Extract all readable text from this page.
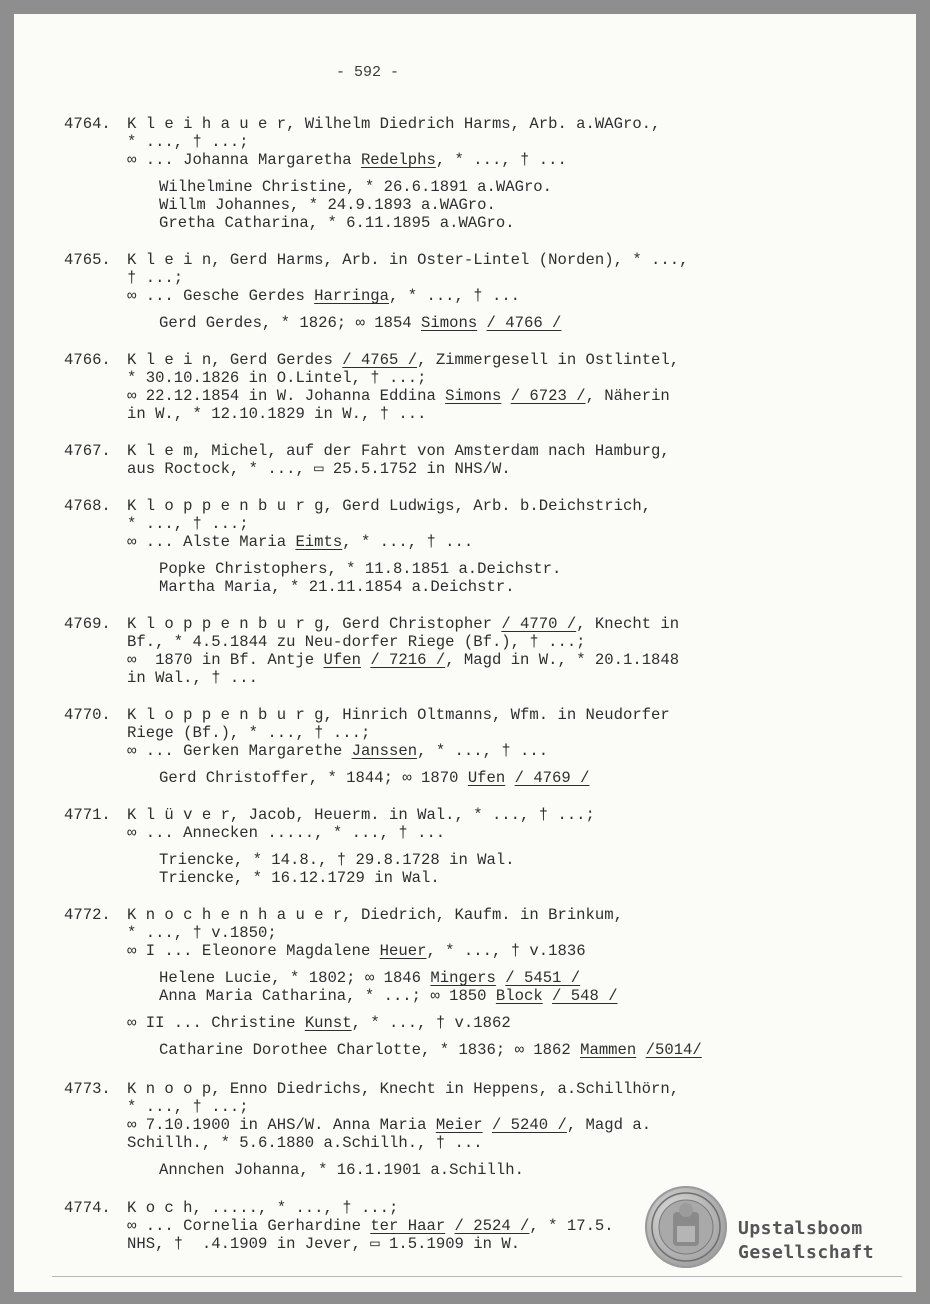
- 592 -
4764. K l e i h a u e r, Wilhelm Diedrich Harms, Arb. a.WAGro.,
* ..., † ...;
∞ ... Johanna Margaretha Redelphs, * ..., † ...
Wilhelmine Christine, * 26.6.1891 a.WAGro.
Willm Johannes, * 24.9.1893 a.WAGro.
Gretha Catharina, * 6.11.1895 a.WAGro.
4765. K l e i n, Gerd Harms, Arb. in Oster-Lintel (Norden), * ...,
† ...;
∞ ... Gesche Gerdes Harringa, * ..., † ...
Gerd Gerdes, * 1826; ∞ 1854 Simons / 4766 /
4766. K l e i n, Gerd Gerdes / 4765 /, Zimmergesell in Ostlintel,
* 30.10.1826 in O.Lintel, † ...;
∞ 22.12.1854 in W. Johanna Eddina Simons / 6723 /, Näherin
in W., * 12.10.1829 in W., † ...
4767. K l e m, Michel, auf der Fahrt von Amsterdam nach Hamburg,
aus Roctock, * ..., ▭ 25.5.1752 in NHS/W.
4768. K l o p p e n b u r g, Gerd Ludwigs, Arb. b.Deichstrich,
* ..., † ...;
∞ ... Alste Maria Eimts, * ..., † ...
Popke Christophers, * 11.8.1851 a.Deichstr.
Martha Maria, * 21.11.1854 a.Deichstr.
4769. K l o p p e n b u r g, Gerd Christopher / 4770 /, Knecht in
Bf., * 4.5.1844 zu Neu-dorfer Riege (Bf.), † ...;
∞  1870 in Bf. Antje Ufen / 7216 /, Magd in W., * 20.1.1848
in Wal., † ...
4770. K l o p p e n b u r g, Hinrich Oltmanns, Wfm. in Neudorfer
Riege (Bf.), * ..., † ...;
∞ ... Gerken Margarethe Janssen, * ..., † ...
Gerd Christoffer, * 1844; ∞ 1870 Ufen / 4769 /
4771. K l ü v e r, Jacob, Heuerm. in Wal., * ..., † ...;
∞ ... Annecken ....., * ..., † ...
Triencke, * 14.8., † 29.8.1728 in Wal.
Triencke, * 16.12.1729 in Wal.
4772. K n o c h e n h a u e r, Diedrich, Kaufm. in Brinkum,
* ..., † v.1850;
∞ I ... Eleonore Magdalene Heuer, * ..., † v.1836
Helene Lucie, * 1802; ∞ 1846 Mingers / 5451 /
Anna Maria Catharina, * ...; ∞ 1850 Block / 548 /
∞ II ... Christine Kunst, * ..., † v.1862
Catharine Dorothee Charlotte, * 1836; ∞ 1862 Mammen /5014/
4773. K n o o p, Enno Diedrichs, Knecht in Heppens, a.Schillhörn,
* ..., † ...;
∞ 7.10.1900 in AHS/W. Anna Maria Meier / 5240 /, Magd a.
Schillh., * 5.6.1880 a.Schillh., † ...
Annchen Johanna, * 16.1.1901 a.Schillh.
4774. K o c h, ....., * ..., † ...;
∞ ... Cornelia Gerhardine ter Haar / 2524 /, * 17.5.
NHS, †  .4.1909 in Jever, ▭ 1.5.1909 in W.
Upstalsboom
Gesellschaft
